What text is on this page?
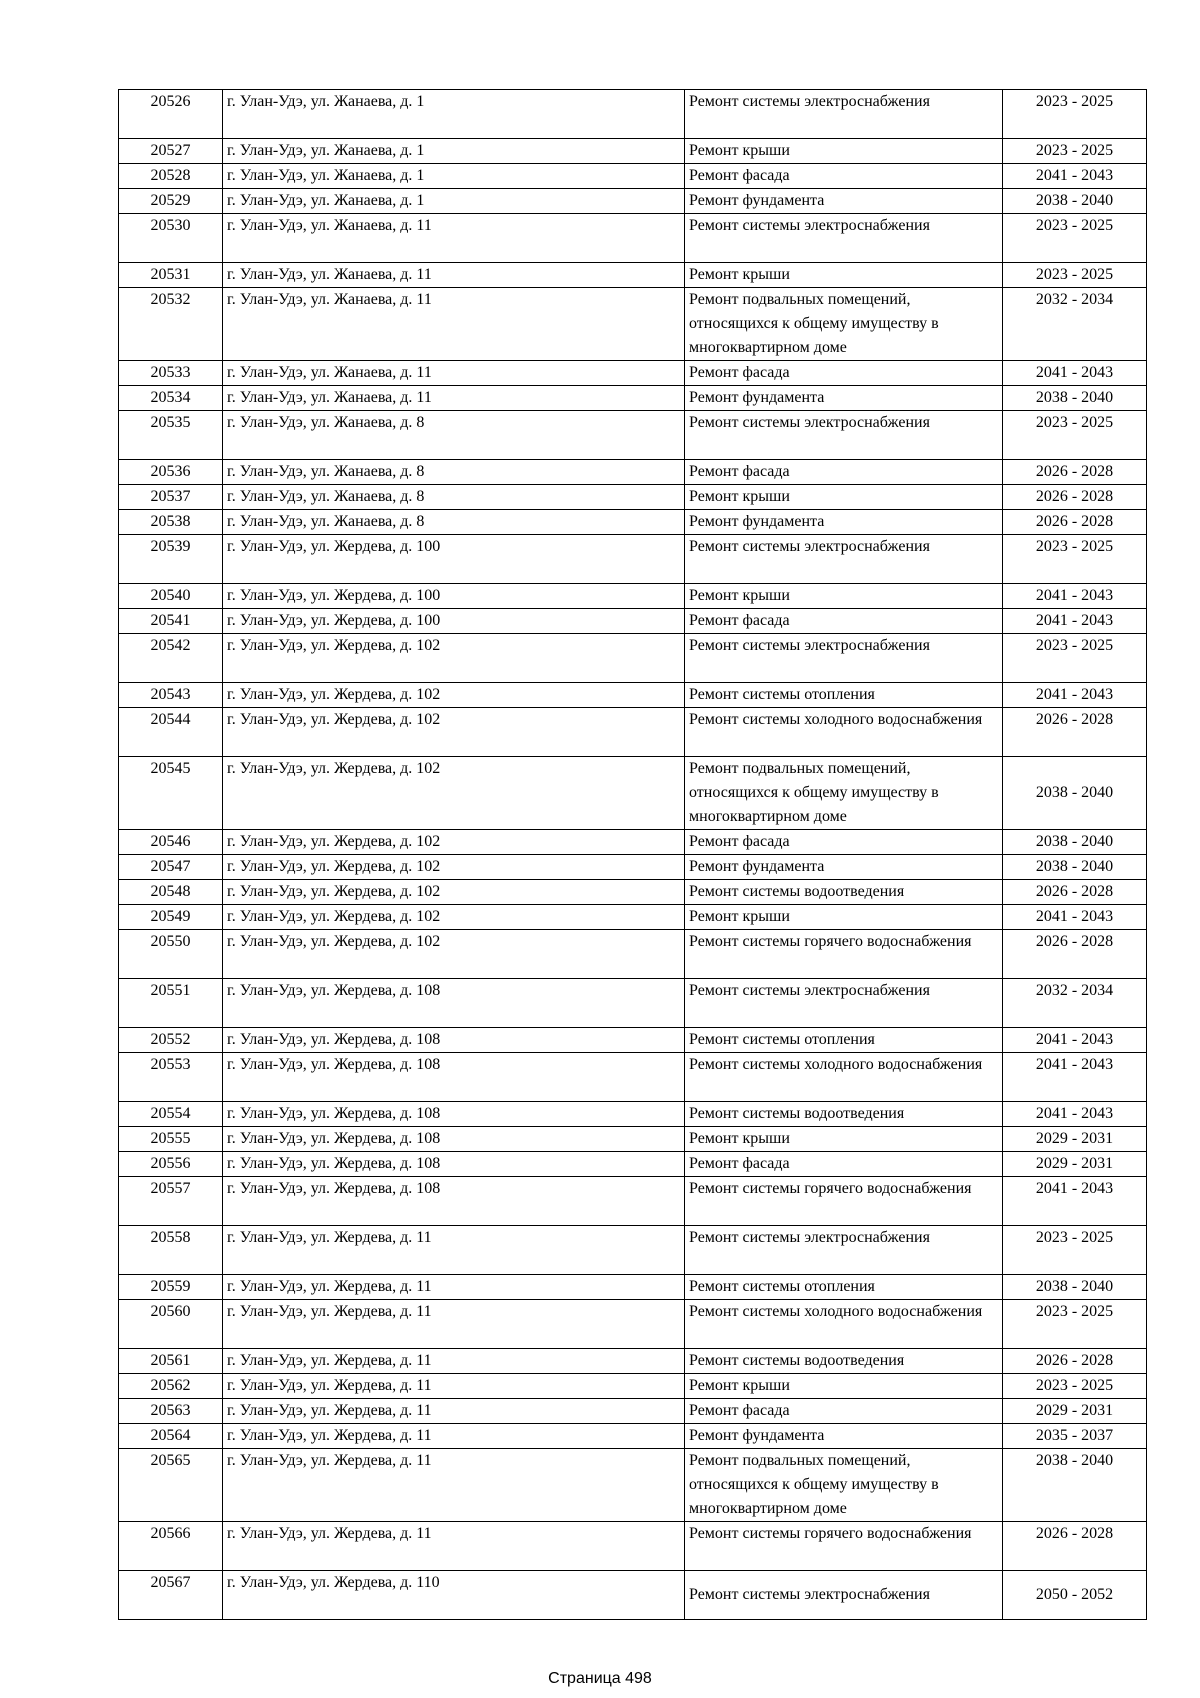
20526	г. Улан-Удэ, ул. Жанаева, д. 1	Ремонт системы электроснабжения	2023 - 2025
20527	г. Улан-Удэ, ул. Жанаева, д. 1	Ремонт крыши	2023 - 2025
20528	г. Улан-Удэ, ул. Жанаева, д. 1	Ремонт фасада	2041 - 2043
20529	г. Улан-Удэ, ул. Жанаева, д. 1	Ремонт фундамента	2038 - 2040
20530	г. Улан-Удэ, ул. Жанаева, д. 11	Ремонт системы электроснабжения	2023 - 2025
20531	г. Улан-Удэ, ул. Жанаева, д. 11	Ремонт крыши	2023 - 2025
20532	г. Улан-Удэ, ул. Жанаева, д. 11	Ремонт подвальных помещений, относящихся к общему имуществу в многоквартирном доме	2032 - 2034
20533	г. Улан-Удэ, ул. Жанаева, д. 11	Ремонт фасада	2041 - 2043
20534	г. Улан-Удэ, ул. Жанаева, д. 11	Ремонт фундамента	2038 - 2040
20535	г. Улан-Удэ, ул. Жанаева, д. 8	Ремонт системы электроснабжения	2023 - 2025
20536	г. Улан-Удэ, ул. Жанаева, д. 8	Ремонт фасада	2026 - 2028
20537	г. Улан-Удэ, ул. Жанаева, д. 8	Ремонт крыши	2026 - 2028
20538	г. Улан-Удэ, ул. Жанаева, д. 8	Ремонт фундамента	2026 - 2028
20539	г. Улан-Удэ, ул. Жердева, д. 100	Ремонт системы электроснабжения	2023 - 2025
20540	г. Улан-Удэ, ул. Жердева, д. 100	Ремонт крыши	2041 - 2043
20541	г. Улан-Удэ, ул. Жердева, д. 100	Ремонт фасада	2041 - 2043
20542	г. Улан-Удэ, ул. Жердева, д. 102	Ремонт системы электроснабжения	2023 - 2025
20543	г. Улан-Удэ, ул. Жердева, д. 102	Ремонт системы отопления	2041 - 2043
20544	г. Улан-Удэ, ул. Жердева, д. 102	Ремонт системы холодного водоснабжения	2026 - 2028
20545	г. Улан-Удэ, ул. Жердева, д. 102	Ремонт подвальных помещений, относящихся к общему имуществу в многоквартирном доме	2038 - 2040
20546	г. Улан-Удэ, ул. Жердева, д. 102	Ремонт фасада	2038 - 2040
20547	г. Улан-Удэ, ул. Жердева, д. 102	Ремонт фундамента	2038 - 2040
20548	г. Улан-Удэ, ул. Жердева, д. 102	Ремонт системы водоотведения	2026 - 2028
20549	г. Улан-Удэ, ул. Жердева, д. 102	Ремонт крыши	2041 - 2043
20550	г. Улан-Удэ, ул. Жердева, д. 102	Ремонт системы горячего водоснабжения	2026 - 2028
20551	г. Улан-Удэ, ул. Жердева, д. 108	Ремонт системы электроснабжения	2032 - 2034
20552	г. Улан-Удэ, ул. Жердева, д. 108	Ремонт системы отопления	2041 - 2043
20553	г. Улан-Удэ, ул. Жердева, д. 108	Ремонт системы холодного водоснабжения	2041 - 2043
20554	г. Улан-Удэ, ул. Жердева, д. 108	Ремонт системы водоотведения	2041 - 2043
20555	г. Улан-Удэ, ул. Жердева, д. 108	Ремонт крыши	2029 - 2031
20556	г. Улан-Удэ, ул. Жердева, д. 108	Ремонт фасада	2029 - 2031
20557	г. Улан-Удэ, ул. Жердева, д. 108	Ремонт системы горячего водоснабжения	2041 - 2043
20558	г. Улан-Удэ, ул. Жердева, д. 11	Ремонт системы электроснабжения	2023 - 2025
20559	г. Улан-Удэ, ул. Жердева, д. 11	Ремонт системы отопления	2038 - 2040
20560	г. Улан-Удэ, ул. Жердева, д. 11	Ремонт системы холодного водоснабжения	2023 - 2025
20561	г. Улан-Удэ, ул. Жердева, д. 11	Ремонт системы водоотведения	2026 - 2028
20562	г. Улан-Удэ, ул. Жердева, д. 11	Ремонт крыши	2023 - 2025
20563	г. Улан-Удэ, ул. Жердева, д. 11	Ремонт фасада	2029 - 2031
20564	г. Улан-Удэ, ул. Жердева, д. 11	Ремонт фундамента	2035 - 2037
20565	г. Улан-Удэ, ул. Жердева, д. 11	Ремонт подвальных помещений, относящихся к общему имуществу в многоквартирном доме	2038 - 2040
20566	г. Улан-Удэ, ул. Жердева, д. 11	Ремонт системы горячего водоснабжения	2026 - 2028
20567	г. Улан-Удэ, ул. Жердева, д. 110	Ремонт системы электроснабжения	2050 - 2052
Страница 498
